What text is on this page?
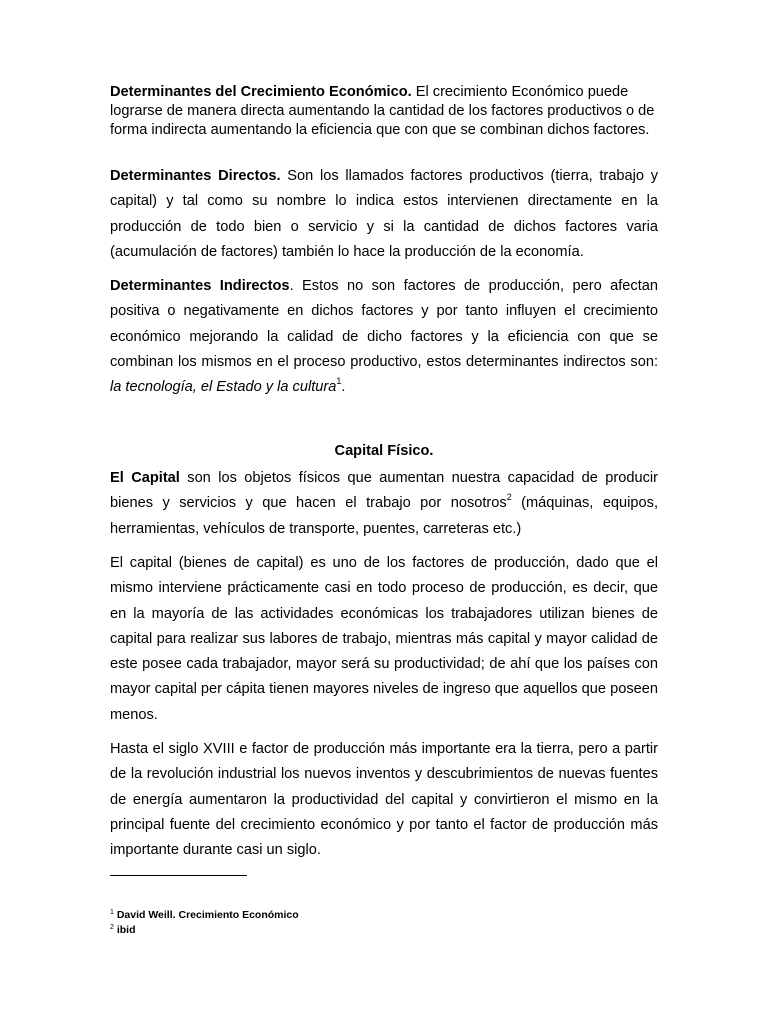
Determinantes del Crecimiento Económico. El crecimiento Económico puede lograrse de manera directa aumentando la cantidad de los factores productivos o de forma indirecta aumentando la eficiencia que con que se combinan dichos factores.

Determinantes Directos. Son los llamados factores productivos (tierra, trabajo y capital) y tal como su nombre lo indica estos intervienen directamente en la producción de todo bien o servicio y si la cantidad de dichos factores varia (acumulación de factores) también lo hace la producción de la economía.

Determinantes Indirectos. Estos no son factores de producción, pero afectan positiva o negativamente en dichos factores y por tanto influyen el crecimiento económico mejorando la calidad de dicho factores y la eficiencia con que se combinan los mismos en el proceso productivo, estos determinantes indirectos son: la tecnología, el Estado y la cultura$^1$.

Capital Físico.

El Capital son los objetos físicos que aumentan nuestra capacidad de producir bienes y servicios y que hacen el trabajo por nosotros$^2$ (máquinas, equipos, herramientas, vehículos de transporte, puentes, carreteras etc.)

El capital (bienes de capital) es uno de los factores de producción, dado que el mismo interviene prácticamente casi en todo proceso de producción, es decir, que en la mayoría de las actividades económicas los trabajadores utilizan bienes de capital para realizar sus labores de trabajo, mientras más capital y mayor calidad de este posee cada trabajador, mayor será su productividad; de ahí que los países con mayor capital per cápita tienen mayores niveles de ingreso que aquellos que poseen menos.

Hasta el siglo XVIII e factor de producción más importante era la tierra, pero a partir de la revolución industrial los nuevos inventos y descubrimientos de nuevas fuentes de energía aumentaron la productividad del capital y convirtieron el mismo en la principal fuente del crecimiento económico y por tanto el factor de producción más importante durante casi un siglo.

$^1$ David Weill. Crecimiento Económico
$^2$ ibid
